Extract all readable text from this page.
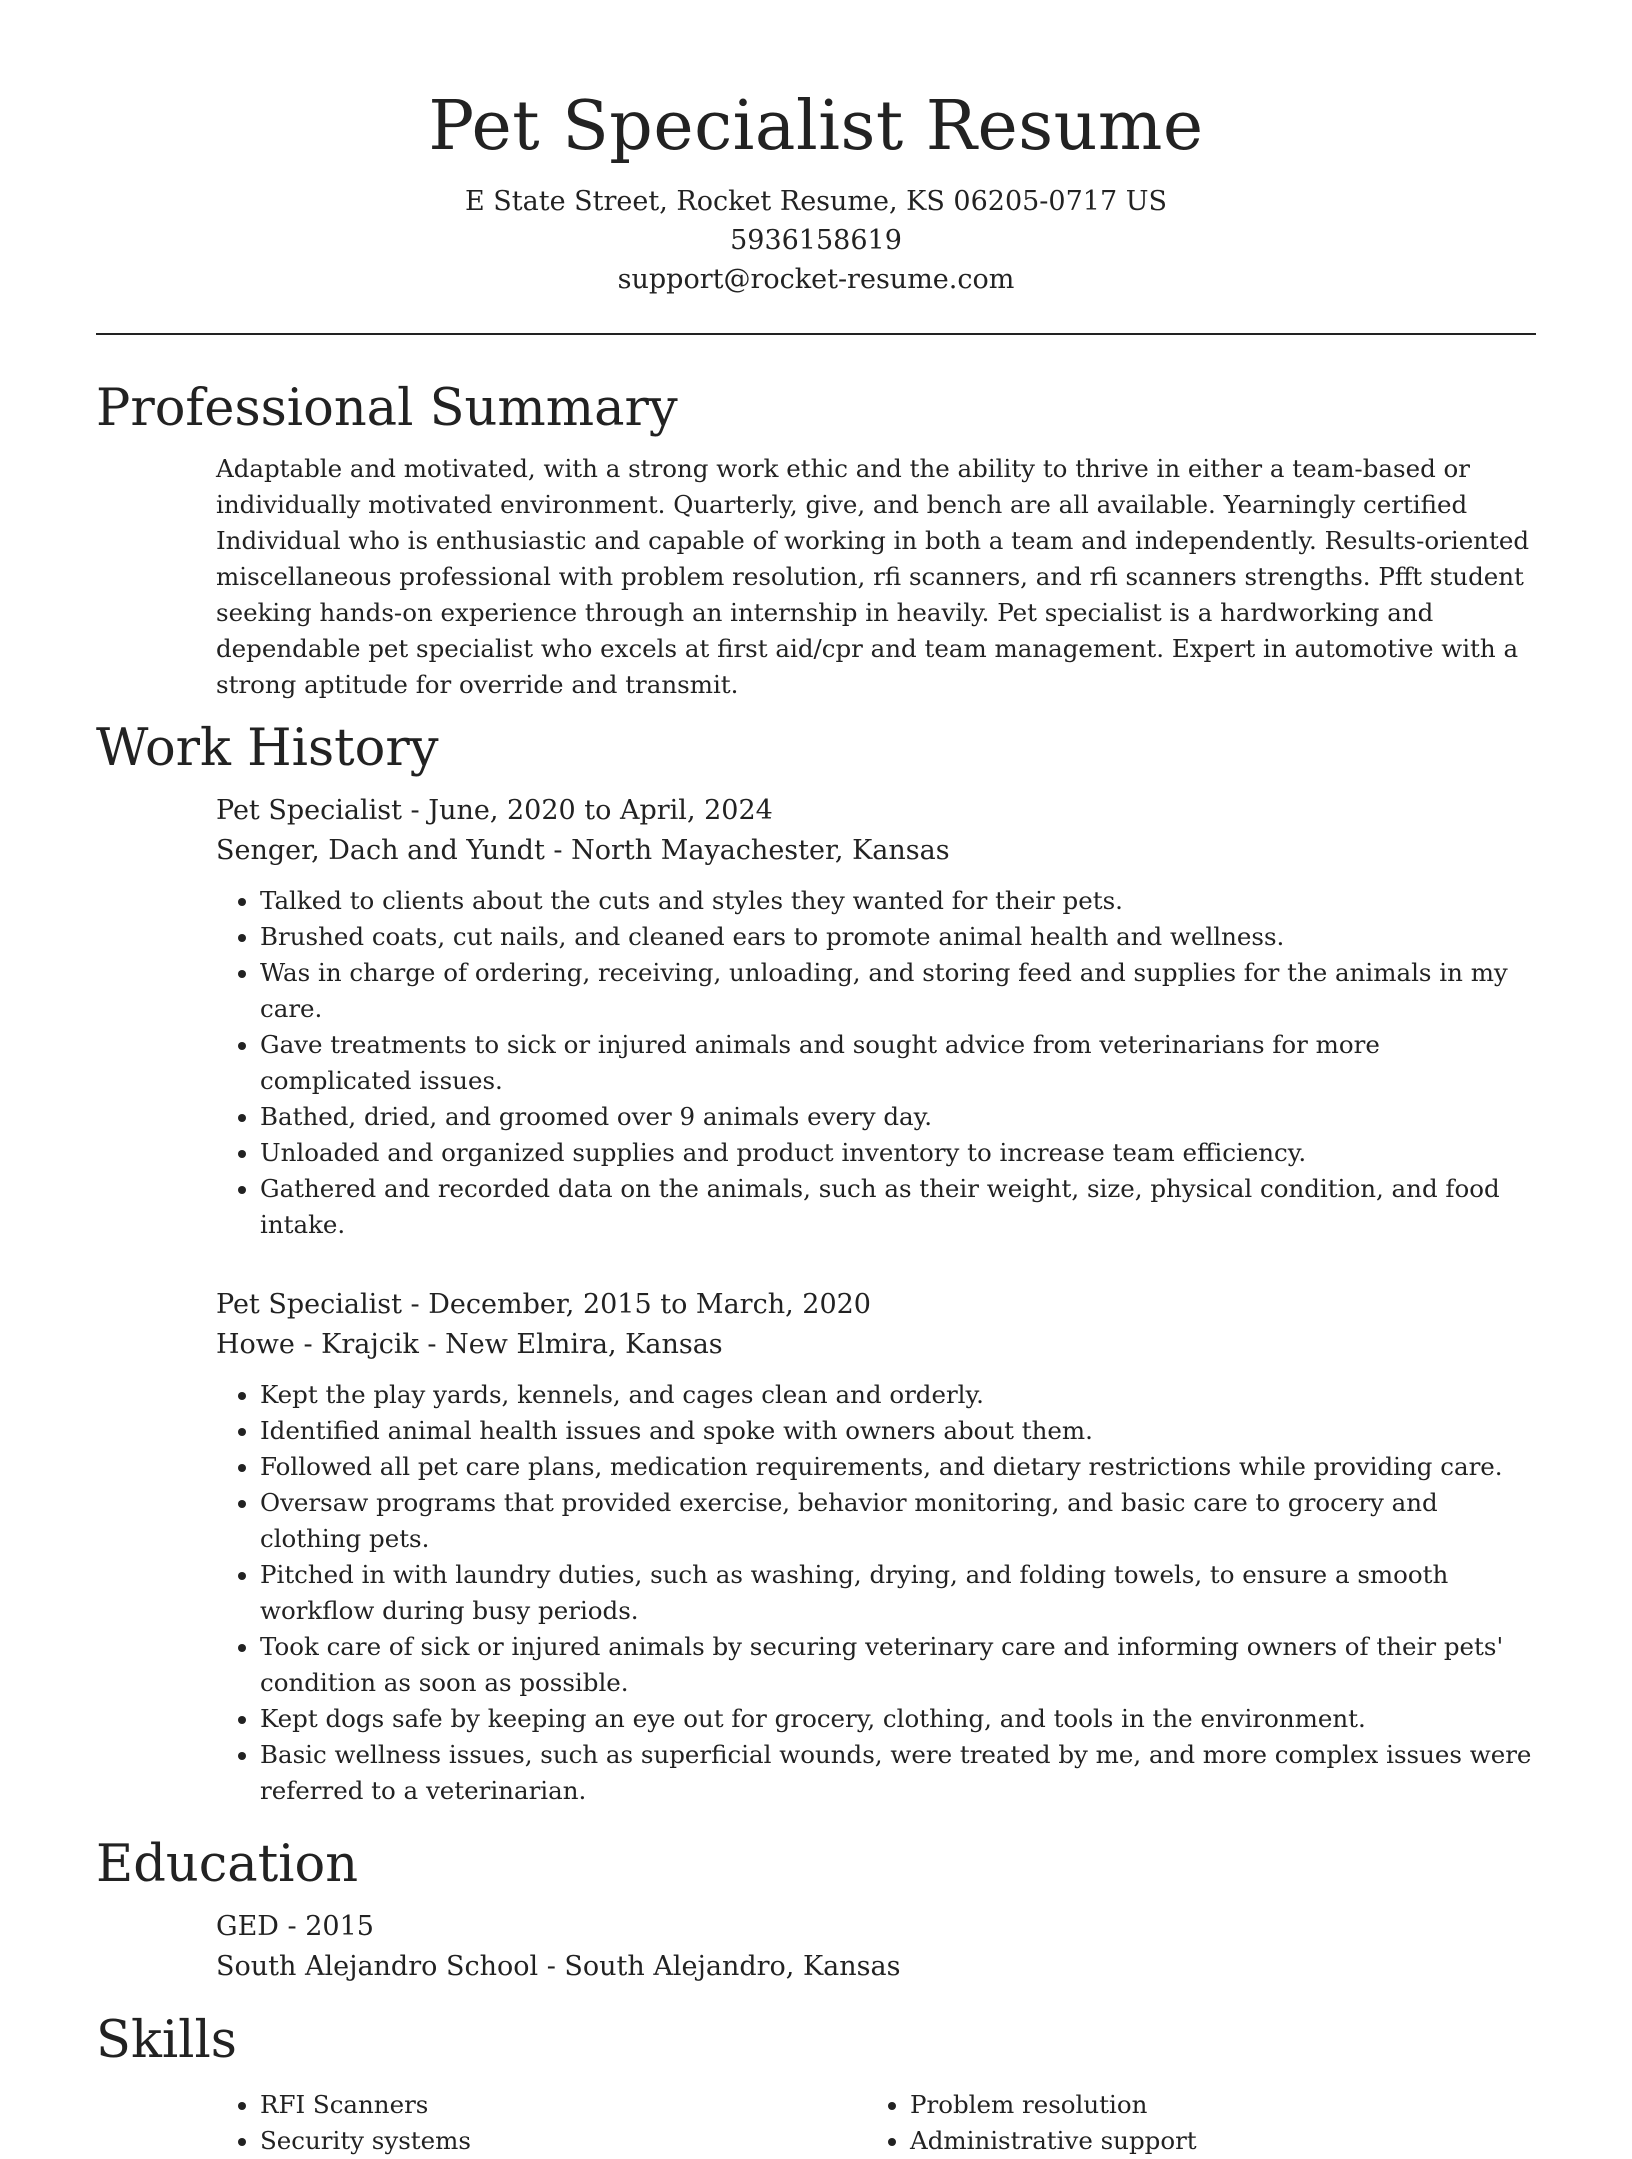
Pet Specialist Resume

E State Street, Rocket Resume, KS 06205-0717 US

5936158619

support@rocket-resume.com

Professional Summary

Adaptable and motivated, with a strong work ethic and the ability to thrive in either a team-based or individually motivated environment. Quarterly, give, and bench are all available. Yearningly certified Individual who is enthusiastic and capable of working in both a team and independently. Results-oriented miscellaneous professional with problem resolution, rfi scanners, and rfi scanners strengths. Pfft student seeking hands-on experience through an internship in heavily. Pet specialist is a hardworking and dependable pet specialist who excels at first aid/cpr and team management. Expert in automotive with a strong aptitude for override and transmit.

Work History

Pet Specialist - June, 2020 to April, 2024

Senger, Dach and Yundt - North Mayachester, Kansas

• Talked to clients about the cuts and styles they wanted for their pets.
• Brushed coats, cut nails, and cleaned ears to promote animal health and wellness.
• Was in charge of ordering, receiving, unloading, and storing feed and supplies for the animals in my care.
• Gave treatments to sick or injured animals and sought advice from veterinarians for more complicated issues.
• Bathed, dried, and groomed over 9 animals every day.
• Unloaded and organized supplies and product inventory to increase team efficiency.
• Gathered and recorded data on the animals, such as their weight, size, physical condition, and food intake.

Pet Specialist - December, 2015 to March, 2020

Howe - Krajcik - New Elmira, Kansas

• Kept the play yards, kennels, and cages clean and orderly.
• Identified animal health issues and spoke with owners about them.
• Followed all pet care plans, medication requirements, and dietary restrictions while providing care.
• Oversaw programs that provided exercise, behavior monitoring, and basic care to grocery and clothing pets.
• Pitched in with laundry duties, such as washing, drying, and folding towels, to ensure a smooth workflow during busy periods.
• Took care of sick or injured animals by securing veterinary care and informing owners of their pets' condition as soon as possible.
• Kept dogs safe by keeping an eye out for grocery, clothing, and tools in the environment.
• Basic wellness issues, such as superficial wounds, were treated by me, and more complex issues were referred to a veterinarian.
Education

GED - 2015

South Alejandro School - South Alejandro, Kansas

Skills
• RFI Scanners
• Security systems
• Problem resolution
• Administrative support
